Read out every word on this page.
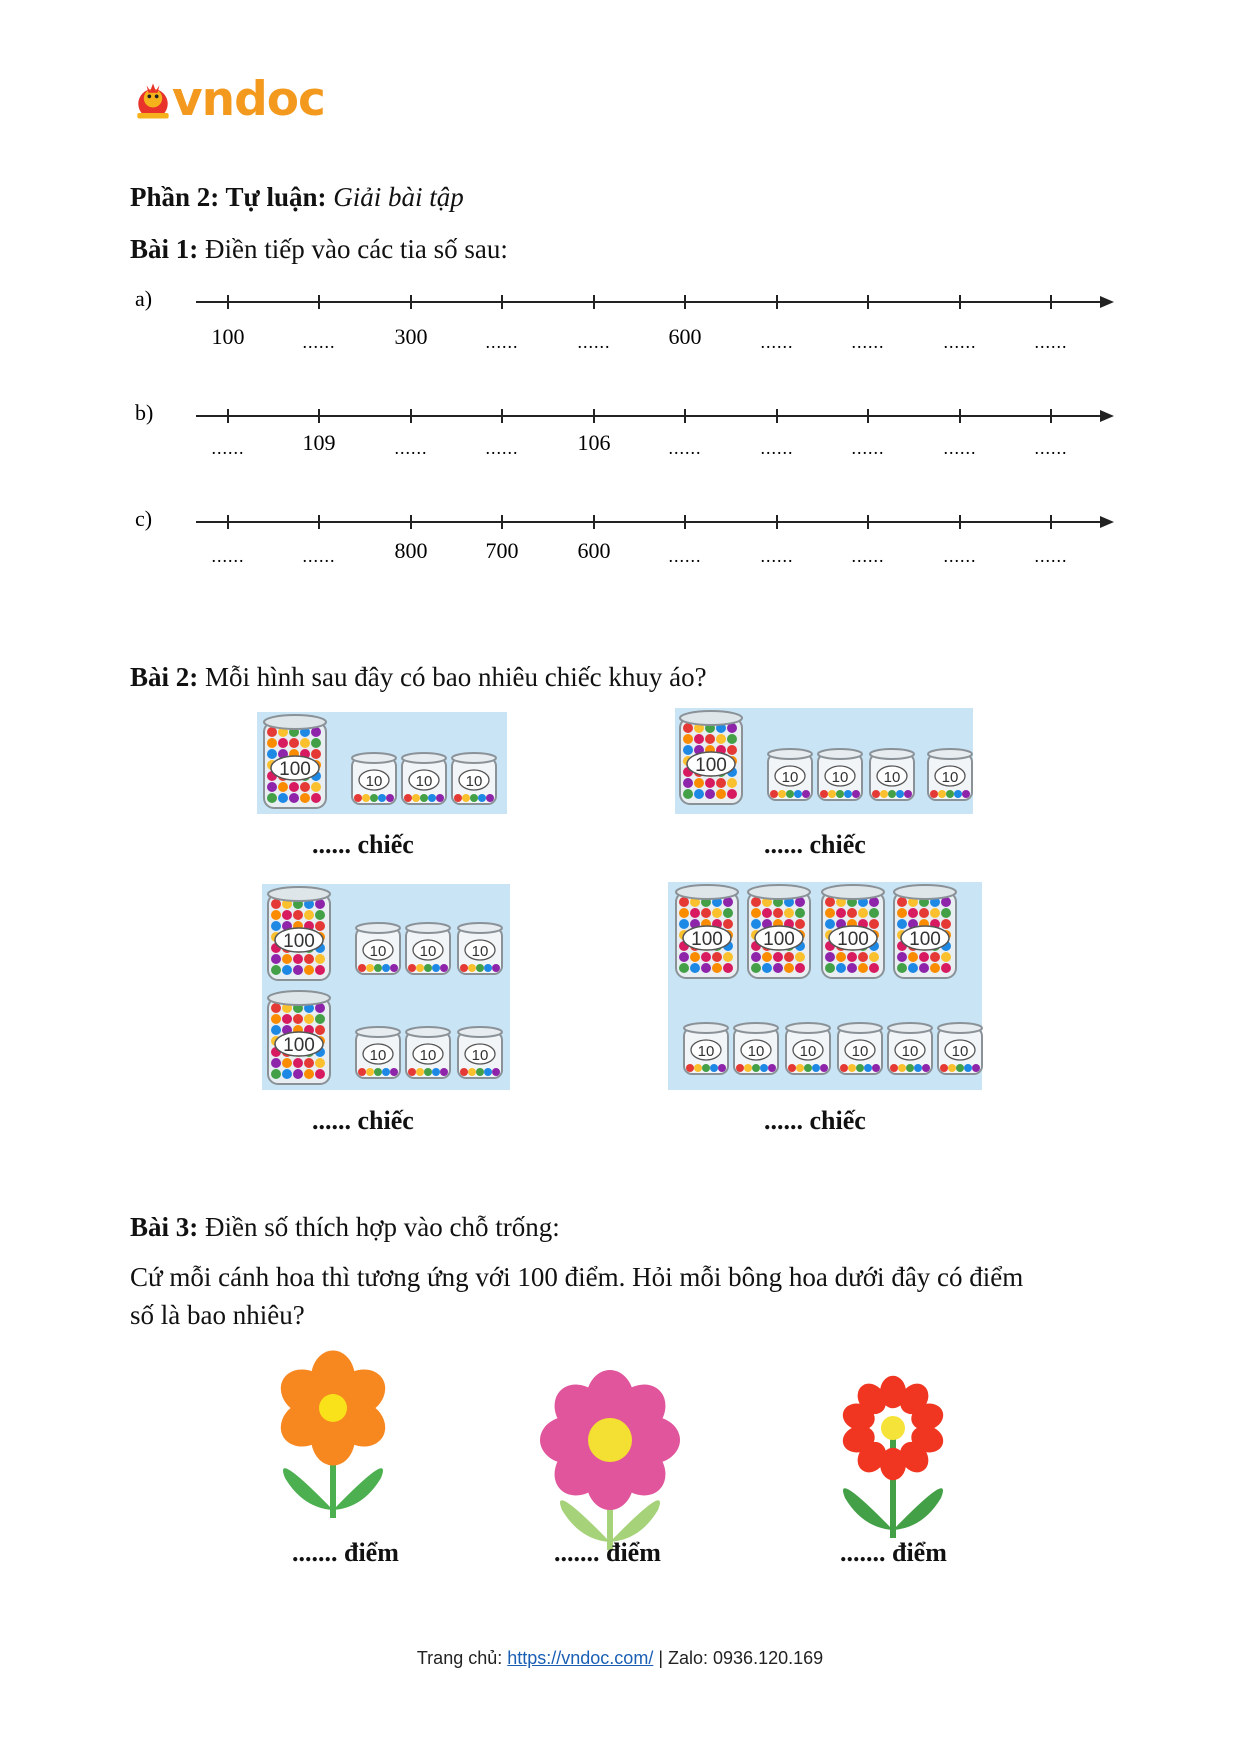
vndoc
Phần 2: Tự luận: Giải bài tập
Bài 1: Điền tiếp vào các tia số sau:
a)
100	......	300	......	......	600	......	......	......	......
b)
......	109	......	......	106	......	......	......	......	......
c)
......	......	800	700	600	......	......	......	......	......
Bài 2: Mỗi hình sau đây có bao nhiêu chiếc khuy áo?
100
10 10 10
100
10 10 10	10
100	10 10 10
100	10 10 10
100 100 100 100
10 10 10 10 10 10
...... chiếc	...... chiếc
...... chiếc	...... chiếc
Bài 3: Điền số thích hợp vào chỗ trống:
Cứ mỗi cánh hoa thì tương ứng với 100 điểm. Hỏi mỗi bông hoa dưới đây có điểm
số là bao nhiêu?
....... điểm	....... điểm	....... điểm
Trang chủ: https://vndoc.com/ | Zalo: 0936.120.169
